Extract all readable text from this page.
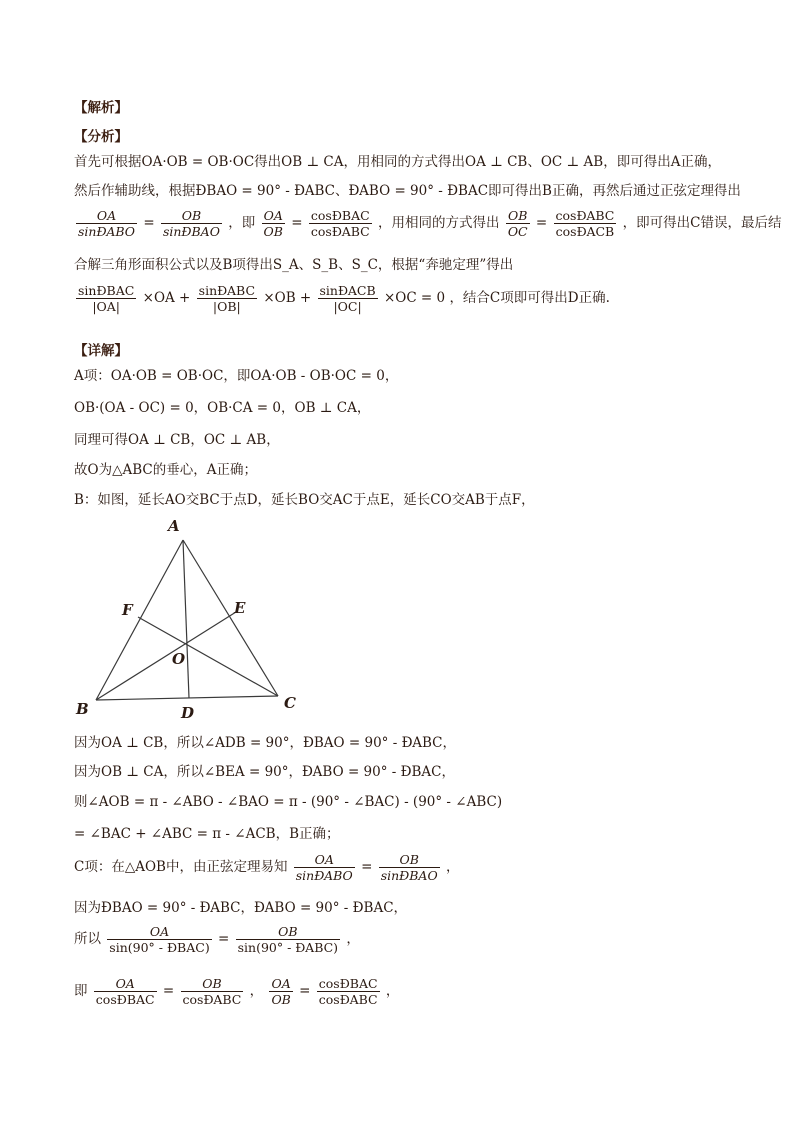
【解析】
【分析】
首先可根据OA·OB = OB·OC得出OB ⊥ CA，用相同的方式得出OA ⊥ CB、OC ⊥ AB，即可得出A正确，
然后作辅助线，根据ÐBAO = 90° - ÐABC、ÐABO = 90° - ÐBAC即可得出B正确，再然后通过正弦定理得出
$\frac{OA}{\text{sinÐABO}} = \frac{OB}{\text{sinÐBAO}}$ ，即 $\frac{OA}{OB} = \frac{\text{cosÐBAC}}{\text{cosÐABC}}$ ，用相同的方式得出 $\frac{OB}{OC} = \frac{\text{cosÐABC}}{\text{cosÐACB}}$ ，即可得出C错误，最后结
合解三角形面积公式以及B项得出S_A、S_B、S_C，根据“奔驰定理”得出
$\frac{\text{sinÐBAC}}{|OA|} \times OA + \frac{\text{sinÐABC}}{|OB|} \times OB + \frac{\text{sinÐACB}}{|OC|} \times OC = 0$ ，结合C项即可得出D正确.
【详解】
A项：OA·OB = OB·OC，即OA·OB - OB·OC = 0，
OB·(OA - OC) = 0，OB·CA = 0，OB ⊥ CA，
同理可得OA ⊥ CB，OC ⊥ AB，
故O为△ABC的垂心，A正确；
B：如图，延长AO交BC于点D，延长BO交AC于点E，延长CO交AB于点F，
A
B	C
D
E
F
O
因为OA ⊥ CB，所以∠ADB = 90°，ÐBAO = 90° - ÐABC，
因为OB ⊥ CA，所以∠BEA = 90°，ÐABO = 90° - ÐBAC，
则∠AOB = π - ∠ABO - ∠BAO = π - (90° - ∠BAC) - (90° - ∠ABC)
= ∠BAC + ∠ABC = π - ∠ACB，B正确；
C项：在△AOB中，由正弦定理易知 $\frac{OA}{\text{sinÐABO}} = \frac{OB}{\text{sinÐBAO}}$ ，
因为ÐBAO = 90° - ÐABC，ÐABO = 90° - ÐBAC，
所以 $\frac{OA}{\text{sin(90° - ÐBAC)}} = \frac{OB}{\text{sin(90° - ÐABC)}}$ ，
即 $\frac{OA}{\text{cosÐBAC}} = \frac{OB}{\text{cosÐABC}}$ ， $\frac{OA}{OB} = \frac{\text{cosÐBAC}}{\text{cosÐABC}}$ ，
